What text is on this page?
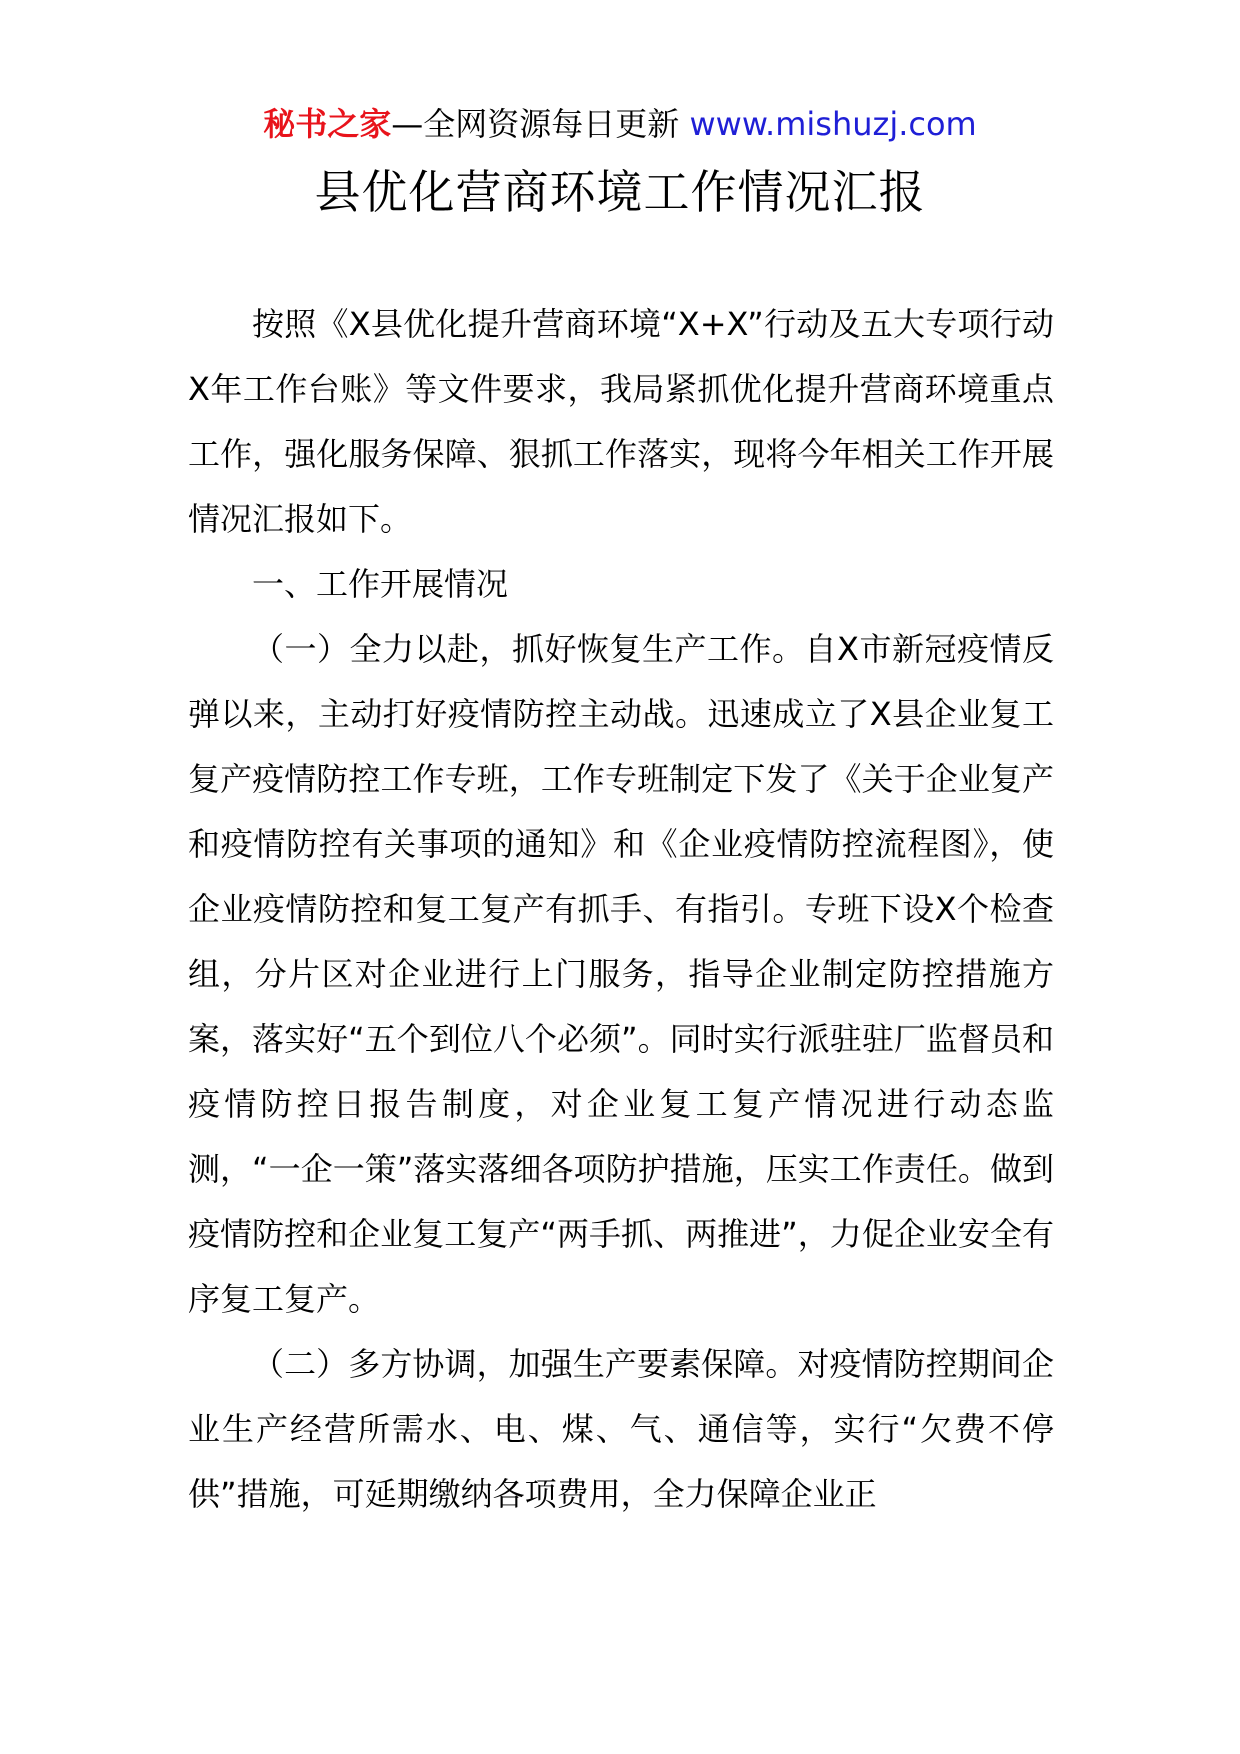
秘书之家—全网资源每日更新 www.mishuzj.com
县优化营商环境工作情况汇报

按照《X县优化提升营商环境“X+X”行动及五大专项行动X年工作台账》等文件要求，我局紧抓优化提升营商环境重点工作，强化服务保障、狠抓工作落实，现将今年相关工作开展情况汇报如下。

一、工作开展情况

（一）全力以赴，抓好恢复生产工作。自X市新冠疫情反弹以来，主动打好疫情防控主动战。迅速成立了X县企业复工复产疫情防控工作专班，工作专班制定下发了《关于企业复产和疫情防控有关事项的通知》和《企业疫情防控流程图》，使企业疫情防控和复工复产有抓手、有指引。专班下设X个检查组，分片区对企业进行上门服务，指导企业制定防控措施方案，落实好“五个到位八个必须”。同时实行派驻驻厂监督员和疫情防控日报告制度，对企业复工复产情况进行动态监测，“一企一策”落实落细各项防护措施，压实工作责任。做到疫情防控和企业复工复产“两手抓、两推进”，力促企业安全有序复工复产。

（二）多方协调，加强生产要素保障。对疫情防控期间企业生产经营所需水、电、煤、气、通信等，实行“欠费不停供”措施，可延期缴纳各项费用，全力保障企业正
